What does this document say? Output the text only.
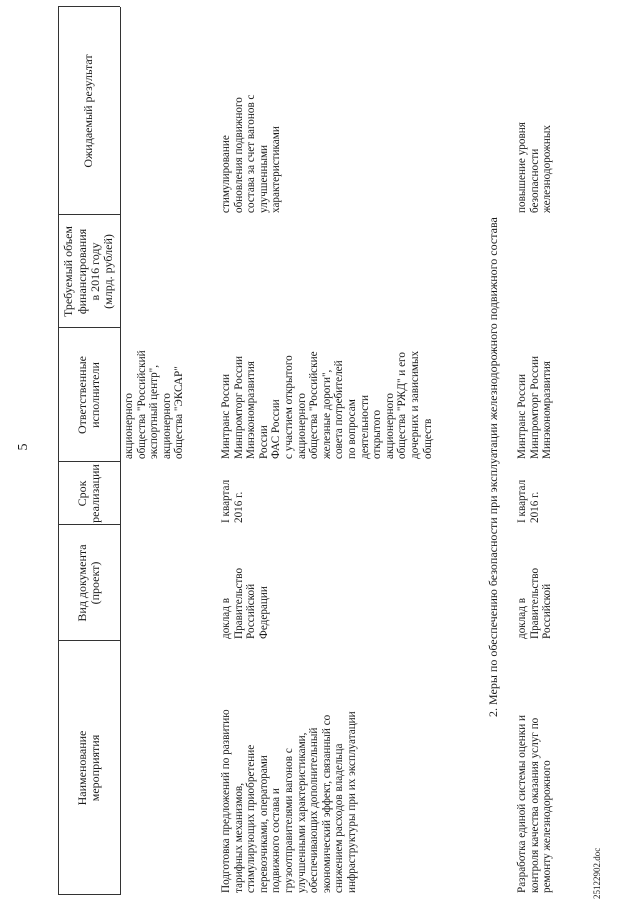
5
Наименование
мероприятия
Вид документа
(проект)
Срок
реализации
Ответственные
исполнители
Требуемый объем
финансирования
в 2016 году
(млрд. рублей)
Ожидаемый результат
акционерного
общества "Российский
экспортный центр",
акционерного
общества "ЭКСАР"
Подготовка предложений по развитию
тарифных механизмов,
стимулирующих приобретение
перевозчиками, операторами
подвижного состава и
грузоотправителями вагонов с
улучшенными характеристиками,
обеспечивающих дополнительный
экономический эффект, связанный со
снижением расходов владельца
инфраструктуры при их эксплуатации
доклад в
Правительство
Российской
Федерации
I квартал
2016 г.
Минтранс России
Минпромторг России
Минэкономразвития
России
ФАС России
с участием открытого
акционерного
общества "Российские
железные дороги",
совета потребителей
по вопросам
деятельности
открытого
акционерного
общества "РЖД" и его
дочерних и зависимых
обществ
стимулирование
обновления подвижного
состава за счет вагонов с
улучшенными
характеристиками
2. Меры по обеспечению безопасности при эксплуатации железнодорожного подвижного состава
Разработка единой системы оценки и
контроля качества оказания услуг по
ремонту железнодорожного
доклад в
Правительство
Российской
I квартал
2016 г.
Минтранс России
Минпромторг России
Минэкономразвития
повышение уровня
безопасности
железнодорожных
25122902.doc
